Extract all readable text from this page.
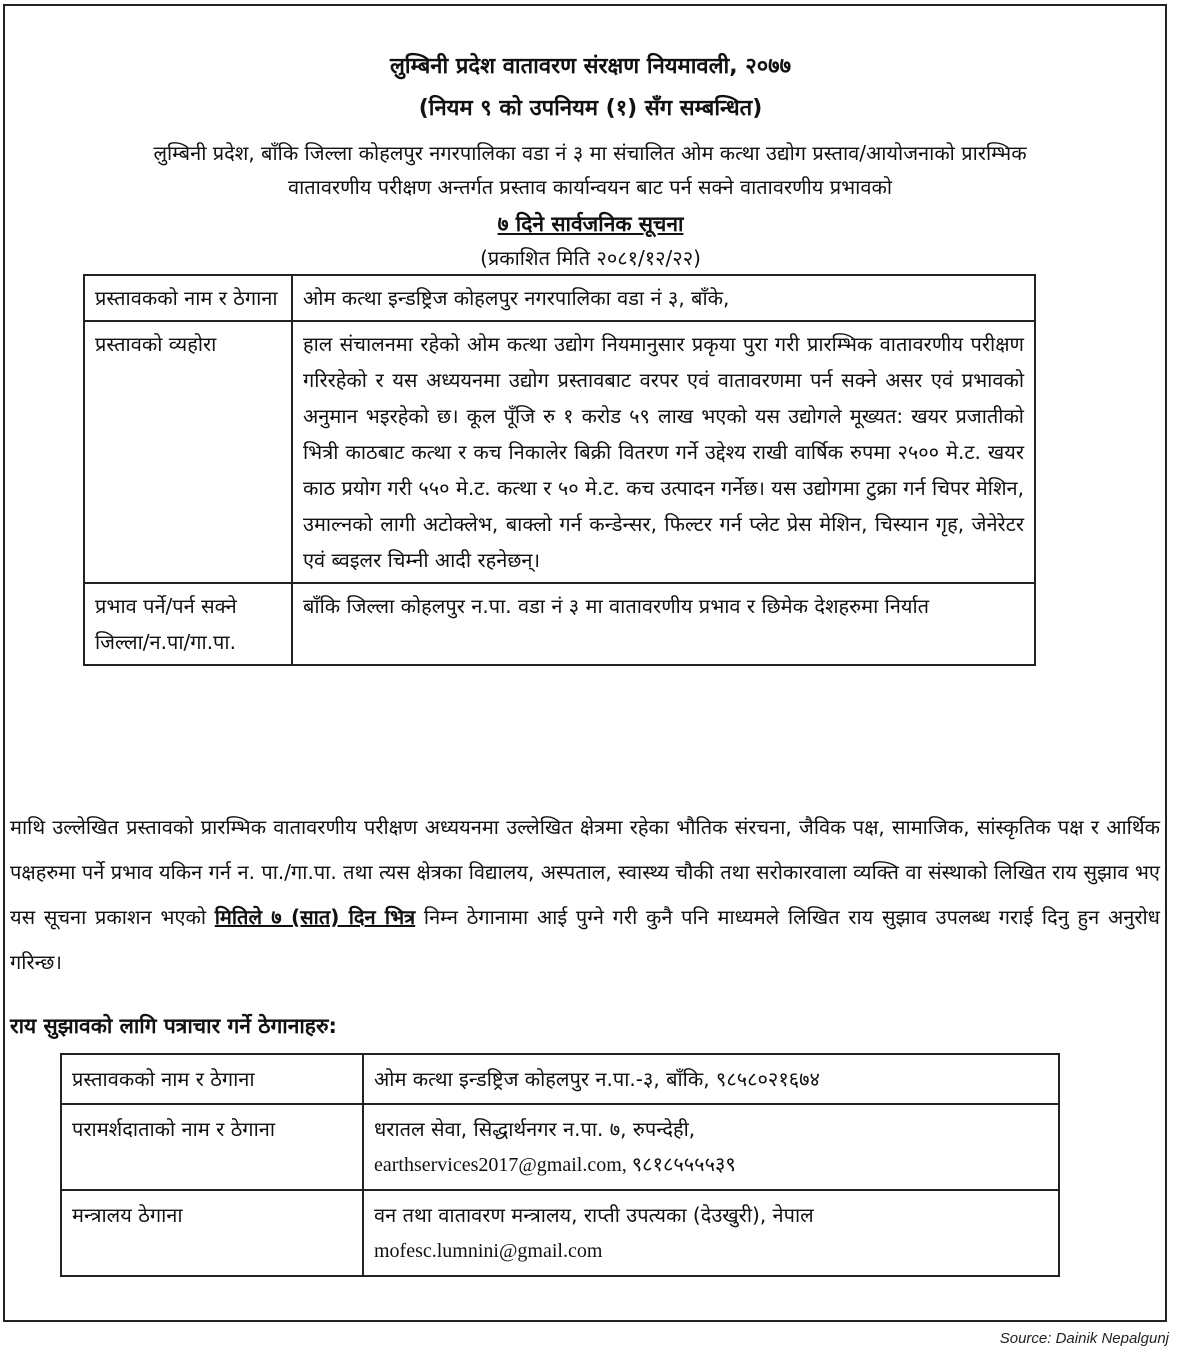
लुम्बिनी प्रदेश वातावरण संरक्षण नियमावली, २०७७
(नियम ९ को उपनियम (१) सँग सम्बन्धित)
लुम्बिनी प्रदेश, बाँकि जिल्ला कोहलपुर नगरपालिका वडा नं ३ मा संचालित ओम कत्था उद्योग प्रस्ताव/आयोजनाको प्रारम्भिक
वातावरणीय परीक्षण अन्तर्गत प्रस्ताव कार्यान्वयन बाट पर्न सक्ने वातावरणीय प्रभावको
७ दिने सार्वजनिक सूचना
(प्रकाशित मिति २०८१/१२/२२)
प्रस्तावकको नाम र ठेगाना	ओम कत्था इन्डष्ट्रिज कोहलपुर नगरपालिका वडा नं ३, बाँके,
प्रस्तावको व्यहोरा	हाल संचालनमा रहेको ओम कत्था उद्योग नियमानुसार प्रकृया पुरा गरी प्रारम्भिक वातावरणीय परीक्षण गरिरहेको र यस अध्ययनमा उद्योग प्रस्तावबाट वरपर एवं वातावरणमा पर्न सक्ने असर एवं प्रभावको अनुमान भइरहेको छ। कूल पूँजि रु १ करोड ५९ लाख भएको यस उद्योगले मूख्यत: खयर प्रजातीको भित्री काठबाट कत्था र कच निकालेर बिक्री वितरण गर्ने उद्देश्य राखी वार्षिक रुपमा २५०० मे.ट. खयर काठ प्रयोग गरी ५५० मे.ट. कत्था र ५० मे.ट. कच उत्पादन गर्नेछ। यस उद्योगमा टुक्रा गर्न चिपर मेशिन, उमाल्नको लागी अटोक्लेभ, बाक्लो गर्न कन्डेन्सर, फिल्टर गर्न प्लेट प्रेस मेशिन, चिस्यान गृह, जेनेरेटर एवं ब्वइलर चिम्नी आदी रहनेछन्।
प्रभाव पर्ने/पर्न सक्ने जिल्ला/न.पा/गा.पा.	बाँकि जिल्ला कोहलपुर न.पा. वडा नं ३ मा वातावरणीय प्रभाव र छिमेक देशहरुमा निर्यात
माथि उल्लेखित प्रस्तावको प्रारम्भिक वातावरणीय परीक्षण अध्ययनमा उल्लेखित क्षेत्रमा रहेका भौतिक संरचना, जैविक पक्ष, सामाजिक, सांस्कृतिक पक्ष र आर्थिक पक्षहरुमा पर्ने प्रभाव यकिन गर्न न. पा./गा.पा. तथा त्यस क्षेत्रका विद्यालय, अस्पताल, स्वास्थ्य चौकी तथा सरोकारवाला व्यक्ति वा संस्थाको लिखित राय सुझाव भए यस सूचना प्रकाशन भएको मितिले ७ (सात) दिन भित्र निम्न ठेगानामा आई पुग्ने गरी कुनै पनि माध्यमले लिखित राय सुझाव उपलब्ध गराई दिनु हुन अनुरोध गरिन्छ।
राय सुझावको लागि पत्राचार गर्ने ठेगानाहरु:
प्रस्तावकको नाम र ठेगाना	ओम कत्था इन्डष्ट्रिज कोहलपुर न.पा.-३, बाँकि, ९८५८०२१६७४

परामर्शदाताको नाम र ठेगाना	धरातल सेवा, सिद्धार्थनगर न.पा. ७, रुपन्देही,
earthservices2017@gmail.com, ९८१८५५५५३९

मन्त्रालय ठेगाना	वन तथा वातावरण मन्त्रालय, राप्ती उपत्यका (देउखुरी), नेपाल
mofesc.lumnini@gmail.com
Source: Dainik Nepalgunj
